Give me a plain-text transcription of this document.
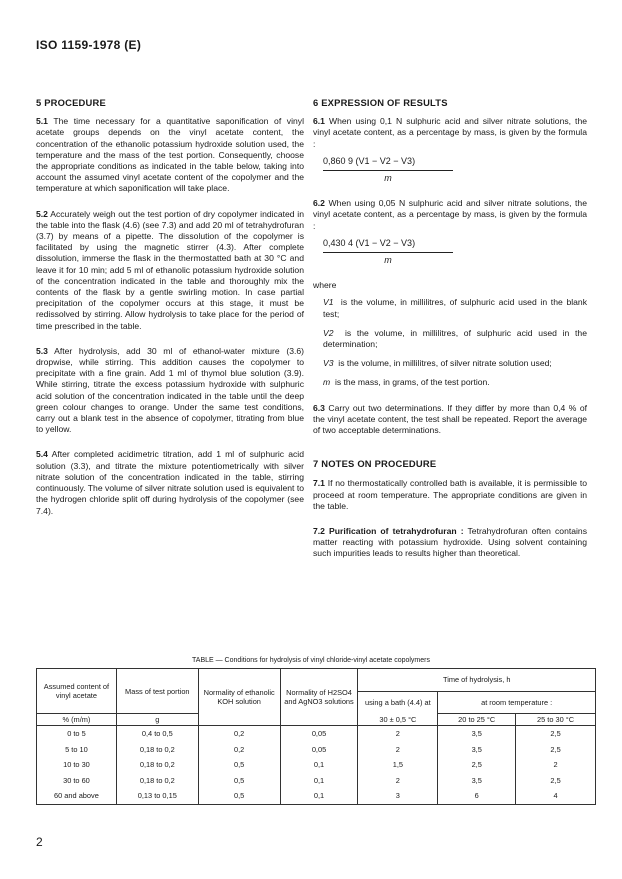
ISO 1159-1978 (E)
5 PROCEDURE

5.1 The time necessary for a quantitative saponification of vinyl acetate groups depends on the vinyl acetate content, the concentration of the ethanolic potassium hydroxide solution used, the temperature and the mass of the test portion. Consequently, choose the appropriate conditions as indicated in the table below, taking into account the assumed vinyl acetate content of the copolymer and the temperature at which saponification will take place.

5.2 Accurately weigh out the test portion of dry copolymer indicated in the table into the flask (4.6) (see 7.3) and add 20 ml of tetrahydrofuran (3.7) by means of a pipette. The dissolution of the copolymer is facilitated by using the magnetic stirrer (4.3). After complete dissolution, immerse the flask in the thermostatted bath at 30 °C and leave it for 10 min; add 5 ml of ethanolic potassium hydroxide solution of the concentration indicated in the table and thoroughly mix the contents of the flask by a gentle swirling motion. In case partial precipitation of the copolymer occurs at this stage, it must be redissolved by stirring. Allow hydrolysis to take place for the period of time prescribed in the table.

5.3 After hydrolysis, add 30 ml of ethanol-water mixture (3.6) dropwise, while stirring. This addition causes the copolymer to precipitate with a fine grain. Add 1 ml of thymol blue solution (3.9). While stirring, titrate the excess potassium hydroxide with sulphuric acid solution of the concentration indicated in the table until the deep green colour changes to orange. Under the same test conditions, carry out a blank test in the absence of copolymer, titrating from blue to yellow.

5.4 After completed acidimetric titration, add 1 ml of sulphuric acid solution (3.3), and titrate the mixture potentiometrically with silver nitrate solution of the concentration indicated in the table, stirring continuously. The volume of silver nitrate solution used is equivalent to the hydrogen chloride split off during hydrolysis of the copolymer (see 7.4).

6 EXPRESSION OF RESULTS

6.1 When using 0,1 N sulphuric acid and silver nitrate solutions, the vinyl acetate content, as a percentage by mass, is given by the formula :

0,860 9 (V1 − V2 − V3)
m

6.2 When using 0,05 N sulphuric acid and silver nitrate solutions, the vinyl acetate content, as a percentage by mass, is given by the formula :

0,430 4 (V1 − V2 − V3)
m
where
V1 is the volume, in millilitres, of sulphuric acid used in the blank test;
V2 is the volume, in millilitres, of sulphuric acid used in the determination;
V3 is the volume, in millilitres, of silver nitrate solution used;
m is the mass, in grams, of the test portion.

6.3 Carry out two determinations. If they differ by more than 0,4 % of the vinyl acetate content, the test shall be repeated. Report the average of two acceptable determinations.

7 NOTES ON PROCEDURE

7.1 If no thermostatically controlled bath is available, it is permissible to proceed at room temperature. The appropriate conditions are given in the table.

7.2 Purification of tetrahydrofuran : Tetrahydrofuran often contains matter reacting with potassium hydroxide. Using solvent containing such impurities leads to results higher than theoretical.

TABLE — Conditions for hydrolysis of vinyl chloride-vinyl acetate copolymers
Assumed content of vinyl acetate	Mass of test portion	Normality of ethanolic KOH solution	Normality of H2SO4 and AgNO3 solutions	Time of hydrolysis, h		
				using a bath (4.4) at	at room temperature :	
% (m/m)	g			30 ± 0,5 °C	20 to 25 °C	25 to 30 °C
0 to 5	0,4 to 0,5	0,2	0,05	2	3,5	2,5
5 to 10	0,18 to 0,2	0,2	0,05	2	3,5	2,5
10 to 30	0,18 to 0,2	0,5	0,1	1,5	2,5	2
30 to 60	0,18 to 0,2	0,5	0,1	2	3,5	2,5
60 and above	0,13 to 0,15	0,5	0,1	3	6	4
2
